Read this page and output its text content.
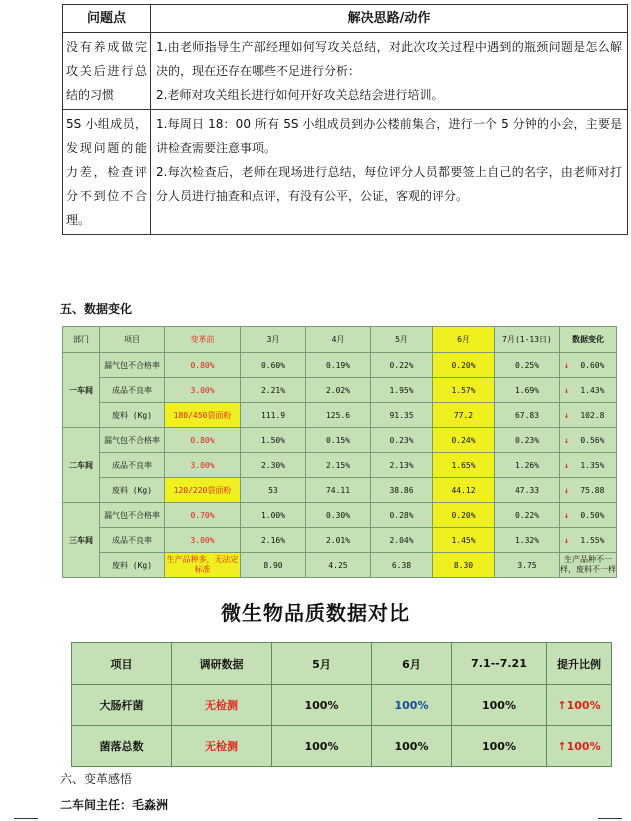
问题点	解决思路/动作
没有养成做完攻关后进行总结的习惯	1.由老师指导生产部经理如何写攻关总结，对此次攻关过程中遇到的瓶颈问题是怎么解决的，现在还存在哪些不足进行分析：

2.老师对攻关组长进行如何开好攻关总结会进行培训。

5S 小组成员，发现问题的能力差，检查评分不到位不合理。	1.每周日 18：00 所有 5S 小组成员到办公楼前集合，进行一个 5 分钟的小会，主要是讲检查需要注意事项。

2.每次检查后，老师在现场进行总结，每位评分人员都要签上自己的名字，由老师对打分人员进行抽查和点评，有没有公平，公证，客观的评分。

五、数据变化
部门	项目	变革前	3月	4月	5月	6月	7月(1-13日)	数据变化
一车间	漏气包不合格率	0.80%	0.60%	0.19%	0.22%	0.20%	0.25%	↓ 0.60%
	成品不良率	3.00%	2.21%	2.02%	1.95%	1.57%	1.69%	↓ 1.43%
	废料 (Kg)	180/450袋面粉	111.9	125.6	91.35	77.2	67.83	↓ 102.8
二车间	漏气包不合格率	0.80%	1.50%	0.15%	0.23%	0.24%	0.23%	↓ 0.56%
	成品不良率	3.00%	2.30%	2.15%	2.13%	1.65%	1.26%	↓ 1.35%
	废料 (Kg)	120/220袋面粉	53	74.11	38.86	44.12	47.33	↓ 75.88
三车间	漏气包不合格率	0.70%	1.00%	0.30%	0.28%	0.20%	0.22%	↓ 0.50%
	成品不良率	3.00%	2.16%	2.01%	2.04%	1.45%	1.32%	↓ 1.55%
	废料 (Kg)	生产品种多，无法定标准	8.90	4.25	6.38	8.30	3.75	生产品种不一样，废料不一样
微生物品质数据对比
项目	调研数据	5月	6月	7.1--7.21	提升比例
大肠杆菌	无检测	100%	100%	100%	↑100%
菌落总数	无检测	100%	100%	100%	↑100%
六、变革感悟
二车间主任：毛淼洲
